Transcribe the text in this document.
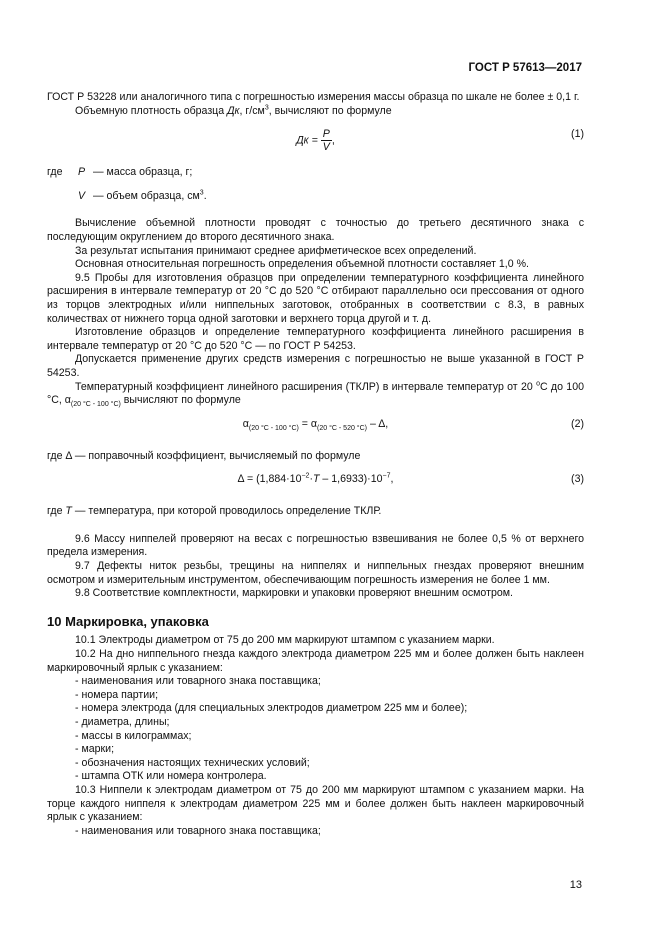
ГОСТ Р 57613—2017

ГОСТ Р 53228 или аналогичного типа с погрешностью измерения массы образца по шкале не более ± 0,1 г.

Объемную плотность образца Дк, $г/см^3$, вычисляют по формуле

Дк = $\frac{P}{V}$ ,
(1)
где	P — масса образца, г;
V — объем образца, $см^3$.

Вычисление объемной плотности проводят с точностью до третьего десятичного знака с последующим округлением до второго десятичного знака.

За результат испытания принимают среднее арифметическое всех определений.

Основная относительная погрешность определения объемной плотности составляет 1,0 %.

9.5 Пробы для изготовления образцов при определении температурного коэффициента линейного расширения в интервале температур от 20 °С до 520 °С отбирают параллельно оси прессования от одного из торцов электродных и/или ниппельных заготовок, отобранных в соответствии с 8.3, в равных количествах от нижнего торца одной заготовки и верхнего торца другой и т. д.

Изготовление образцов и определение температурного коэффициента линейного расширения в интервале температур от 20 °С до 520 °С — по ГОСТ Р 54253.

Допускается применение других средств измерения с погрешностью не выше указанной в ГОСТ Р 54253.

Температурный коэффициент линейного расширения (ТКЛР) в интервале температур от 20 $^o$С до 100 °С, $\alpha_{(20 ^\circ С - 100 ^\circ С)}$ вычисляют по формуле

$\alpha_{(20 ^\circ С - 100 ^\circ С)} = \alpha_{(20 ^\circ С - 520 ^\circ С)} - \Delta$,	(2)

где Δ — поправочный коэффициент, вычисляемый по формуле

$\Delta = (1,884\cdot 10^{-2}\cdot T - 1,6933)\cdot 10^{-7}$,	(3)

где Т — температура, при которой проводилось определение ТКЛР.

9.6 Массу ниппелей проверяют на весах с погрешностью взвешивания не более 0,5 % от верхнего предела измерения.

9.7 Дефекты ниток резьбы, трещины на ниппелях и ниппельных гнездах проверяют внешним осмотром и измерительным инструментом, обеспечивающим погрешность измерения не более 1 мм.

9.8 Соответствие комплектности, маркировки и упаковки проверяют внешним осмотром.

10 Маркировка, упаковка

10.1 Электроды диаметром от 75 до 200 мм маркируют штампом с указанием марки.

10.2 На дно ниппельного гнезда каждого электрода диаметром 225 мм и более должен быть наклеен маркировочный ярлык с указанием:

- наименования или товарного знака поставщика;

- номера партии;

- номера электрода (для специальных электродов диаметром 225 мм и более);

- диаметра, длины;

- массы в килограммах;

- марки;

- обозначения настоящих технических условий;

- штампа ОТК или номера контролера.

10.3 Ниппели к электродам диаметром от 75 до 200 мм маркируют штампом с указанием марки. На торце каждого ниппеля к электродам диаметром 225 мм и более должен быть наклеен маркировочный ярлык с указанием:

- наименования или товарного знака поставщика;

13
